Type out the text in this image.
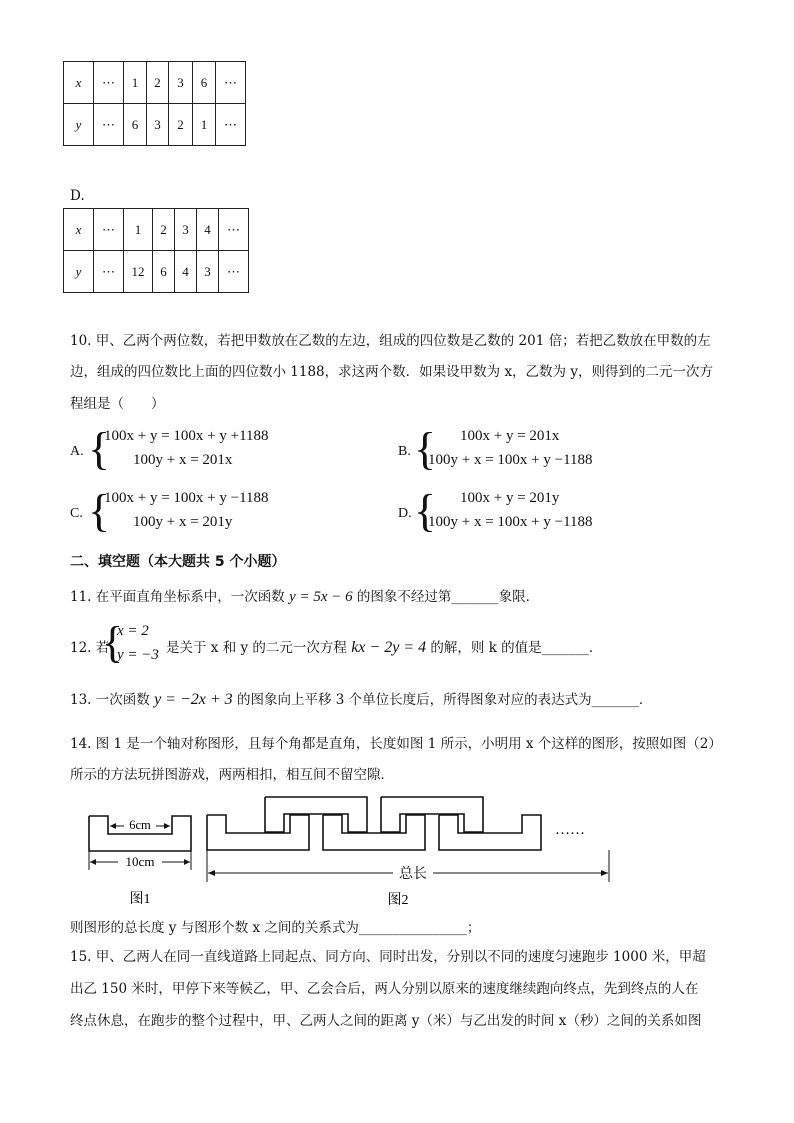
x	⋯	1	2	3	6	⋯
y	⋯	6	3	2	1	⋯
D.
x	⋯	1	2	3	4	⋯
y	⋯	12	6	4	3	⋯
10. 甲、乙两个两位数，若把甲数放在乙数的左边，组成的四位数是乙数的 201 倍；若把乙数放在甲数的左
边，组成的四位数比上面的四位数小 1188，求这两个数．如果设甲数为 x，乙数为 y，则得到的二元一次方
程组是（　　）
A. {
100x + y = 100x + y +1188
100y + x = 201x
B. { 100x + y = 201x
100y + x = 100x + y −1188
C. {
100x + y = 100x + y −1188
100y + x = 201y
D. { 100x + y = 201y
100y + x = 100x + y −1188
二、填空题（本大题共 5 个小题）
11. 在平面直角坐标系中，一次函数 y = 5x − 6 的图象不经过第_______象限．
12. 若
{
x = 2
y = −3 是关于 x 和 y 的二元一次方程 kx − 2y = 4 的解，则 k 的值是_______．
13. 一次函数 y = −2x + 3 的图象向上平移 3 个单位长度后，所得图象对应的表达式为_______．
14. 图 1 是一个轴对称图形，且每个角都是直角，长度如图 1 所示，小明用 x 个这样的图形，按照如图（2）
所示的方法玩拼图游戏，两两相扣，相互间不留空隙．
6cm
10cm
图1
……
总长
图2
则图形的总长度 y 与图形个数 x 之间的关系式为________________；
15. 甲、乙两人在同一直线道路上同起点、同方向、同时出发，分别以不同的速度匀速跑步 1000 米，甲超
出乙 150 米时，甲停下来等候乙，甲、乙会合后，两人分别以原来的速度继续跑向终点，先到终点的人在
终点休息，在跑步的整个过程中，甲、乙两人之间的距离 y（米）与乙出发的时间 x（秒）之间的关系如图
